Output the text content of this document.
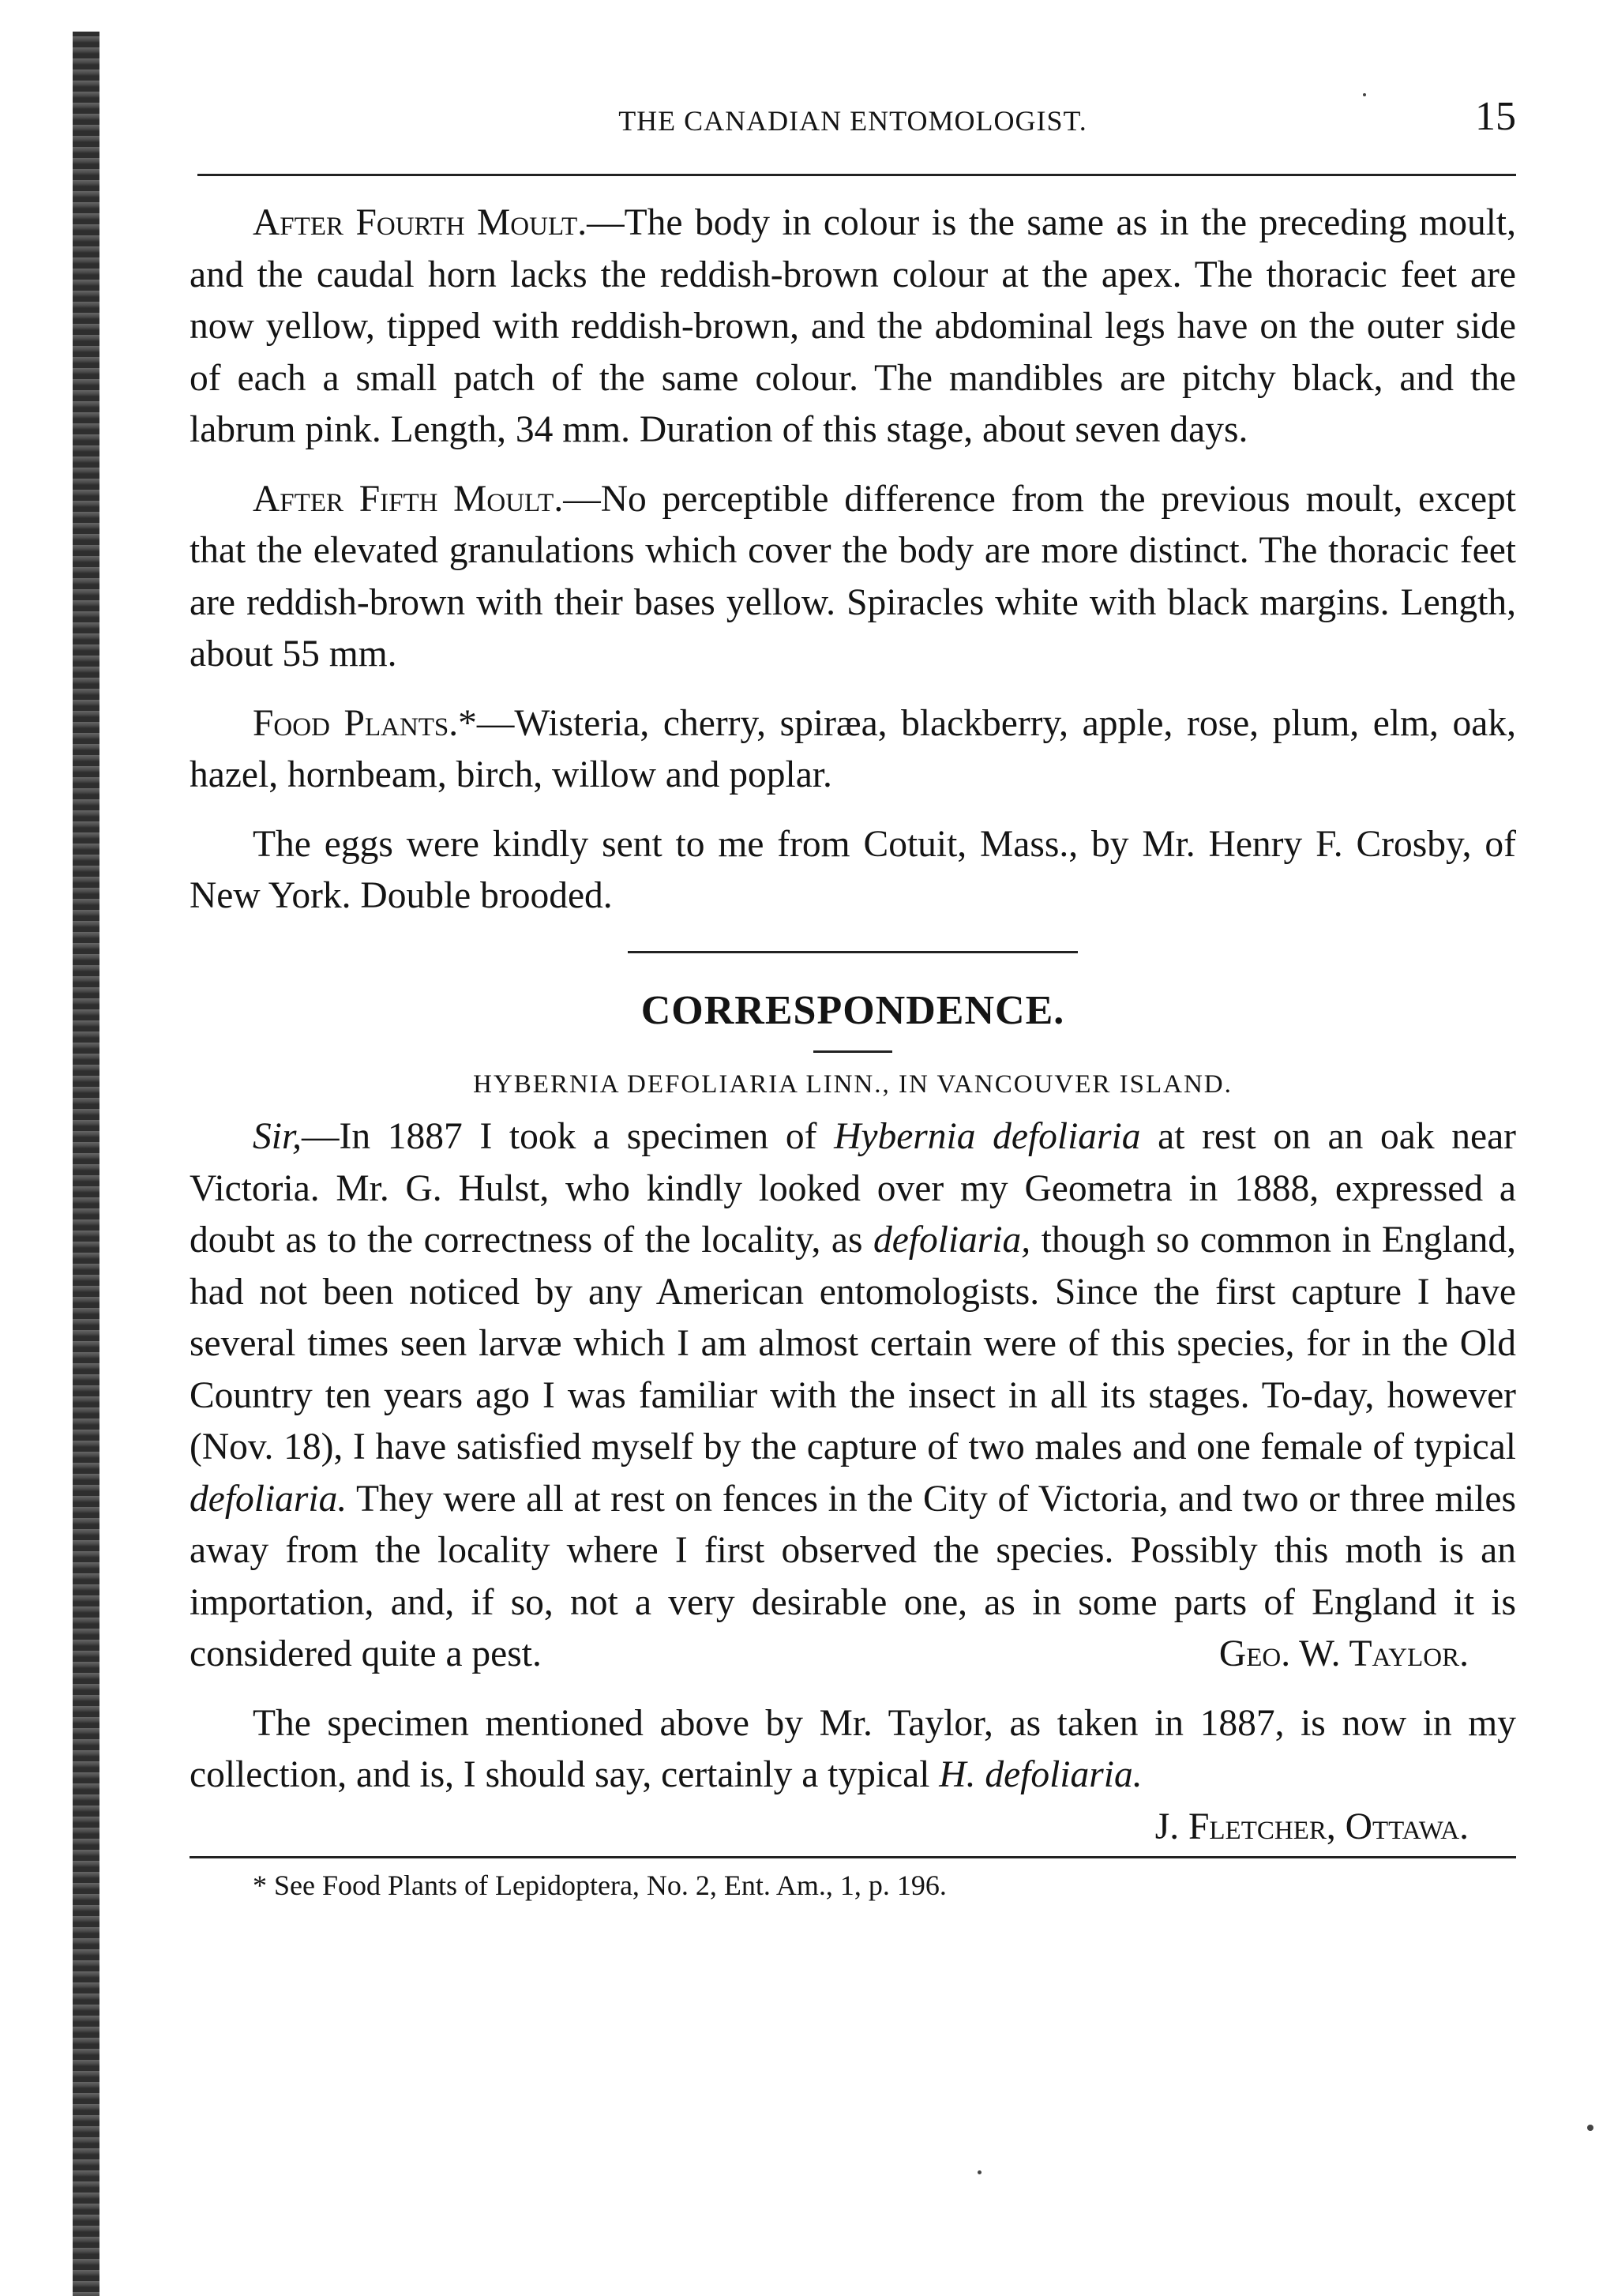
THE CANADIAN ENTOMOLOGIST.	15

After Fourth Moult.—The body in colour is the same as in the preceding moult, and the caudal horn lacks the reddish-brown colour at the apex. The thoracic feet are now yellow, tipped with reddish-brown, and the abdominal legs have on the outer side of each a small patch of the same colour. The mandibles are pitchy black, and the labrum pink. Length, 34 mm. Duration of this stage, about seven days.

After Fifth Moult.—No perceptible difference from the previous moult, except that the elevated granulations which cover the body are more distinct. The thoracic feet are reddish-brown with their bases yellow. Spiracles white with black margins. Length, about 55 mm.

Food Plants.*—Wisteria, cherry, spiræa, blackberry, apple, rose, plum, elm, oak, hazel, hornbeam, birch, willow and poplar.

The eggs were kindly sent to me from Cotuit, Mass., by Mr. Henry F. Crosby, of New York. Double brooded.

CORRESPONDENCE.
HYBERNIA DEFOLIARIA LINN., IN VANCOUVER ISLAND.

Sir,—In 1887 I took a specimen of Hybernia defoliaria at rest on an oak near Victoria. Mr. G. Hulst, who kindly looked over my Geometra in 1888, expressed a doubt as to the correctness of the locality, as defoliaria, though so common in England, had not been noticed by any American entomologists. Since the first capture I have several times seen larvæ which I am almost certain were of this species, for in the Old Country ten years ago I was familiar with the insect in all its stages. To-day, however (Nov. 18), I have satisfied myself by the capture of two males and one female of typical defoliaria. They were all at rest on fences in the City of Victoria, and two or three miles away from the locality where I first observed the species. Possibly this moth is an importation, and, if so, not a very desirable one, as in some parts of England it is considered quite a pest.	Geo. W. Taylor.

The specimen mentioned above by Mr. Taylor, as taken in 1887, is now in my collection, and is, I should say, certainly a typical H. defoliaria.
J. Fletcher, Ottawa.

* See Food Plants of Lepidoptera, No. 2, Ent. Am., 1, p. 196.
